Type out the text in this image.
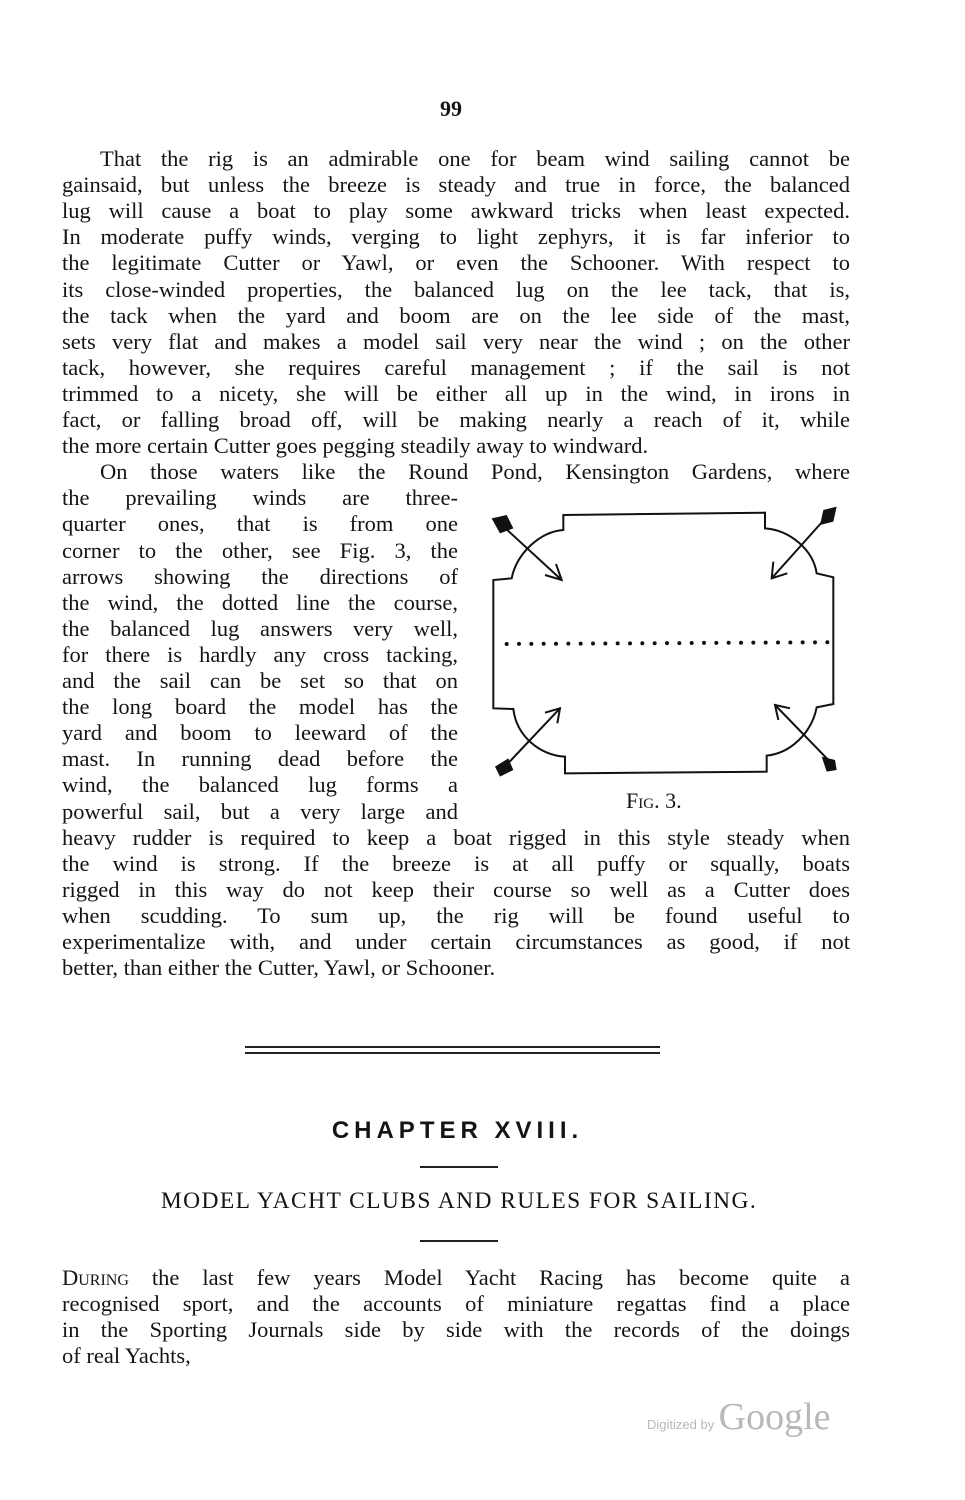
99
That the rig is an admirable one for beam wind sailing cannot be
gainsaid, but unless the breeze is steady and true in force, the balanced
lug will cause a boat to play some awkward tricks when least expected.
In moderate puffy winds, verging to light zephyrs, it is far inferior to
the legitimate Cutter or Yawl, or even the Schooner. With respect to
its close-winded properties, the balanced lug on the lee tack, that is,
the tack when the yard and boom are on the lee side of the mast,
sets very flat and makes a model sail very near the wind ; on the other
tack, however, she requires careful management ; if the sail is not
trimmed to a nicety, she will be either all up in the wind, in irons in
fact, or falling broad off, will be making nearly a reach of it, while
the more certain Cutter goes pegging steadily away to windward.
On those waters like the Round Pond, Kensington Gardens, where
the prevailing winds are three-
quarter ones, that is from one
corner to the other, see Fig. 3, the
arrows showing the directions of
the wind, the dotted line the course,
the balanced lug answers very well,
for there is hardly any cross tacking,
and the sail can be set so that on
the long board the model has the
yard and boom to leeward of the
mast. In running dead before the
wind, the balanced lug forms a
powerful sail, but a very large and
heavy rudder is required to keep a boat rigged in this style steady when
the wind is strong. If the breeze is at all puffy or squally, boats
rigged in this way do not keep their course so well as a Cutter does
when scudding. To sum up, the rig will be found useful to
experimentalize with, and under certain circumstances as good, if not
better, than either the Cutter, Yawl, or Schooner.
During the last few years Model Yacht Racing has become quite a
recognised sport, and the accounts of miniature regattas find a place
in the Sporting Journals side by side with the records of the doings
of real Yachts,
Fig. 3.
CHAPTER XVIII.
MODEL YACHT CLUBS AND RULES FOR SAILING.
Digitized by Google
